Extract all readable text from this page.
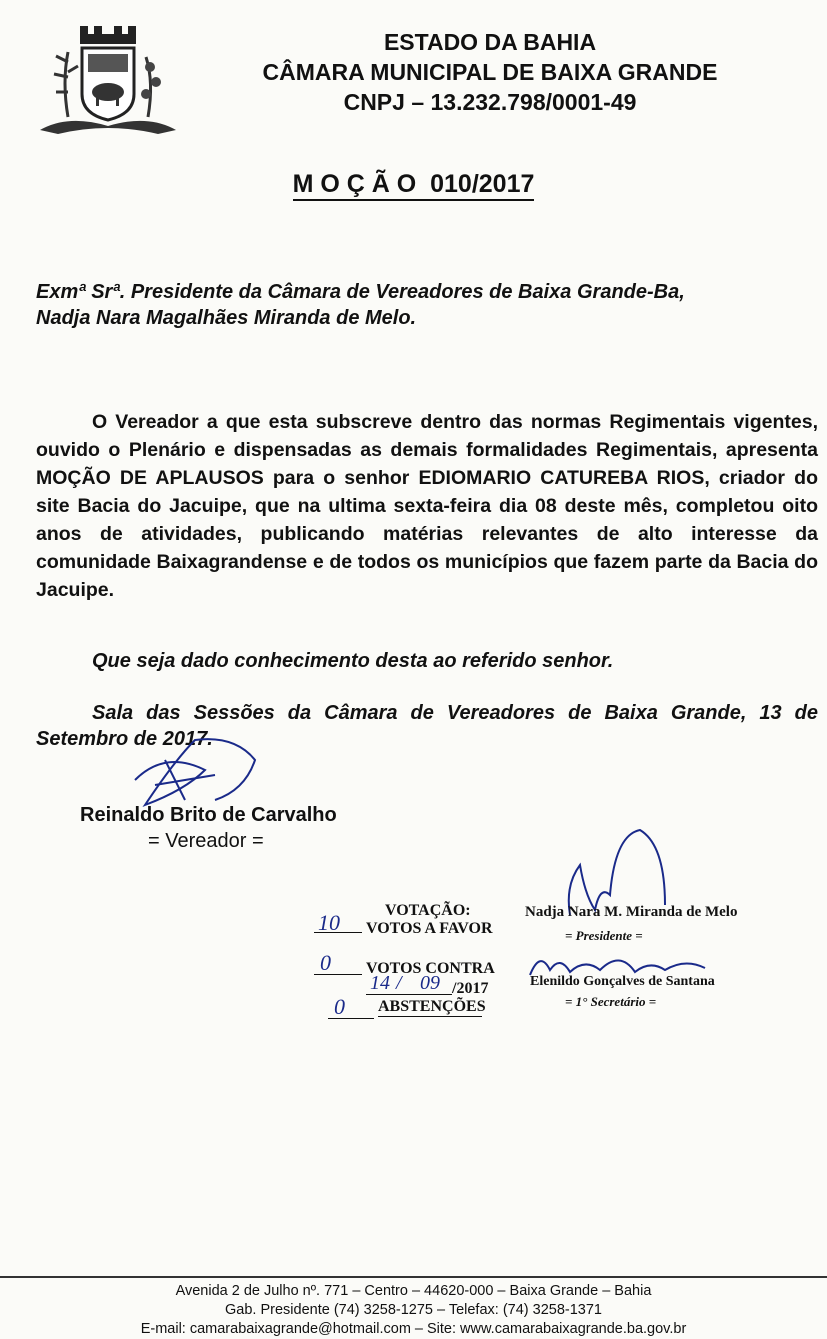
ESTADO DA BAHIA
CÂMARA MUNICIPAL DE BAIXA GRANDE
CNPJ – 13.232.798/0001-49
M O Ç Ã O  010/2017
Exmª Srª. Presidente da Câmara de Vereadores de Baixa Grande-Ba,
Nadja Nara Magalhães Miranda de Melo.
O Vereador a que esta subscreve dentro das normas Regimentais vigentes, ouvido o Plenário e dispensadas as demais formalidades Regimentais, apresenta MOÇÃO DE APLAUSOS para o senhor EDIOMARIO CATUREBA RIOS, criador do site Bacia do Jacuipe, que na ultima sexta-feira dia 08 deste mês, completou oito anos de atividades, publicando matérias relevantes de alto interesse da comunidade Baixagrandense e de todos os municípios que fazem parte da Bacia do Jacuipe.
Que seja dado conhecimento desta ao referido senhor.
Sala das Sessões da Câmara de Vereadores de Baixa Grande, 13 de Setembro de 2017.
Reinaldo Brito de Carvalho
= Vereador =
VOTAÇÃO:
10 VOTOS A FAVOR
0 VOTOS CONTRA
14 / 09 /2017
0 ABSTENÇÕES
Nadja Nara M. Miranda de Melo
= Presidente =
Elenildo Gonçalves de Santana
= 1° Secretário =
Avenida 2 de Julho nº. 771 – Centro – 44620-000 – Baixa Grande – Bahia
Gab. Presidente (74) 3258-1275 – Telefax: (74) 3258-1371
E-mail: camarabaixagrande@hotmail.com – Site: www.camarabaixagrande.ba.gov.br
